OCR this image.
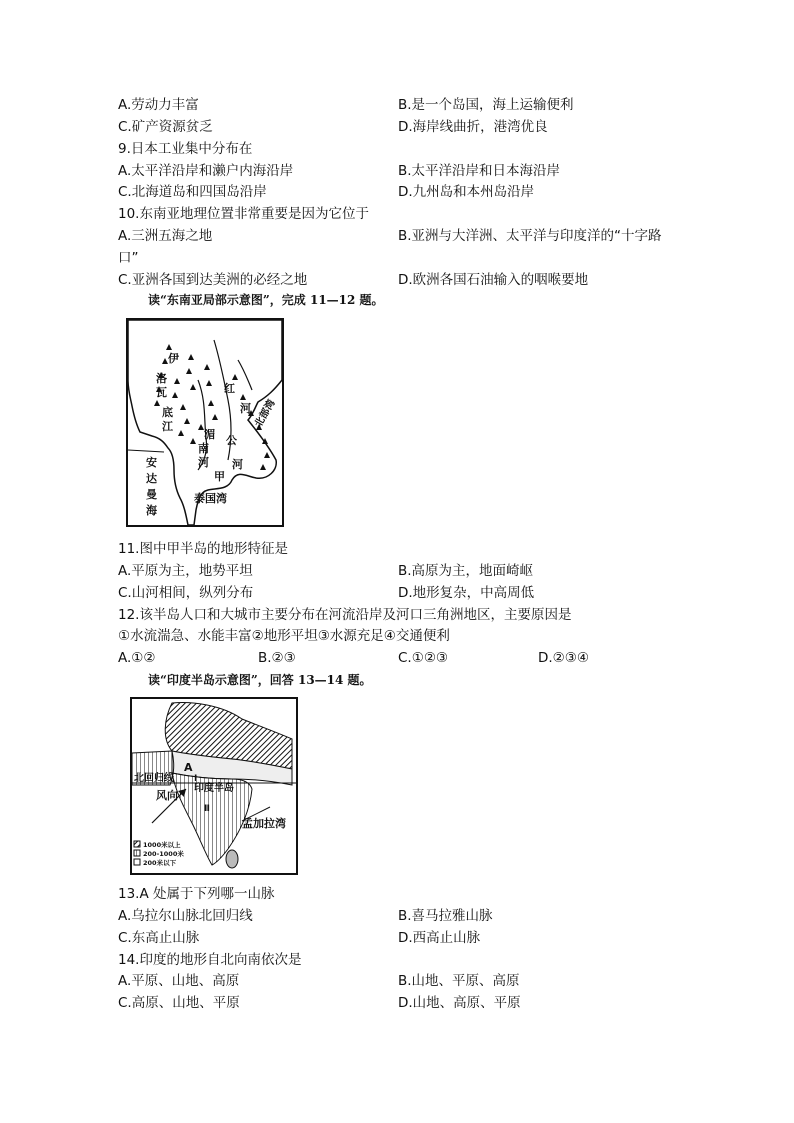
A.劳动力丰富	B.是一个岛国，海上运输便利
C.矿产资源贫乏	D.海岸线曲折，港湾优良
9.日本工业集中分布在
A.太平洋沿岸和濑户内海沿岸	B.太平洋沿岸和日本海沿岸
C.北海道岛和四国岛沿岸	D.九州岛和本州岛沿岸
10.东南亚地理位置非常重要是因为它位于
A.三洲五海之地	B.亚洲与大洋洲、太平洋与印度洋的“十字路
口”
C.亚洲各国到达美洲的必经之地	D.欧洲各国石油输入的咽喉要地
读“东南亚局部示意图”，完成 11—12 题。
伊
洛
瓦
底
江
湄
南
河
公
河
红
河 北部湾
安
达
曼
海
泰国湾
甲
11.图中甲半岛的地形特征是
A.平原为主，地势平坦	B.高原为主，地面崎岖
C.山河相间，纵列分布	D.地形复杂，中高周低
12.该半岛人口和大城市主要分布在河流沿岸及河口三角洲地区，主要原因是
①水流湍急、水能丰富②地形平坦③水源充足④交通便利
A.①②	B.②③	C.①②③	D.②③④
读“印度半岛示意图”，回答 13—14 题。
A
北回归线
风向
印度半岛
孟加拉湾
Ⅰ
Ⅱ
1000米以上
200-1000米
200米以下
13.A 处属于下列哪一山脉
A.乌拉尔山脉北回归线	B.喜马拉雅山脉
C.东高止山脉	D.西高止山脉
14.印度的地形自北向南依次是
A.平原、山地、高原	B.山地、平原、高原
C.高原、山地、平原	D.山地、高原、平原
